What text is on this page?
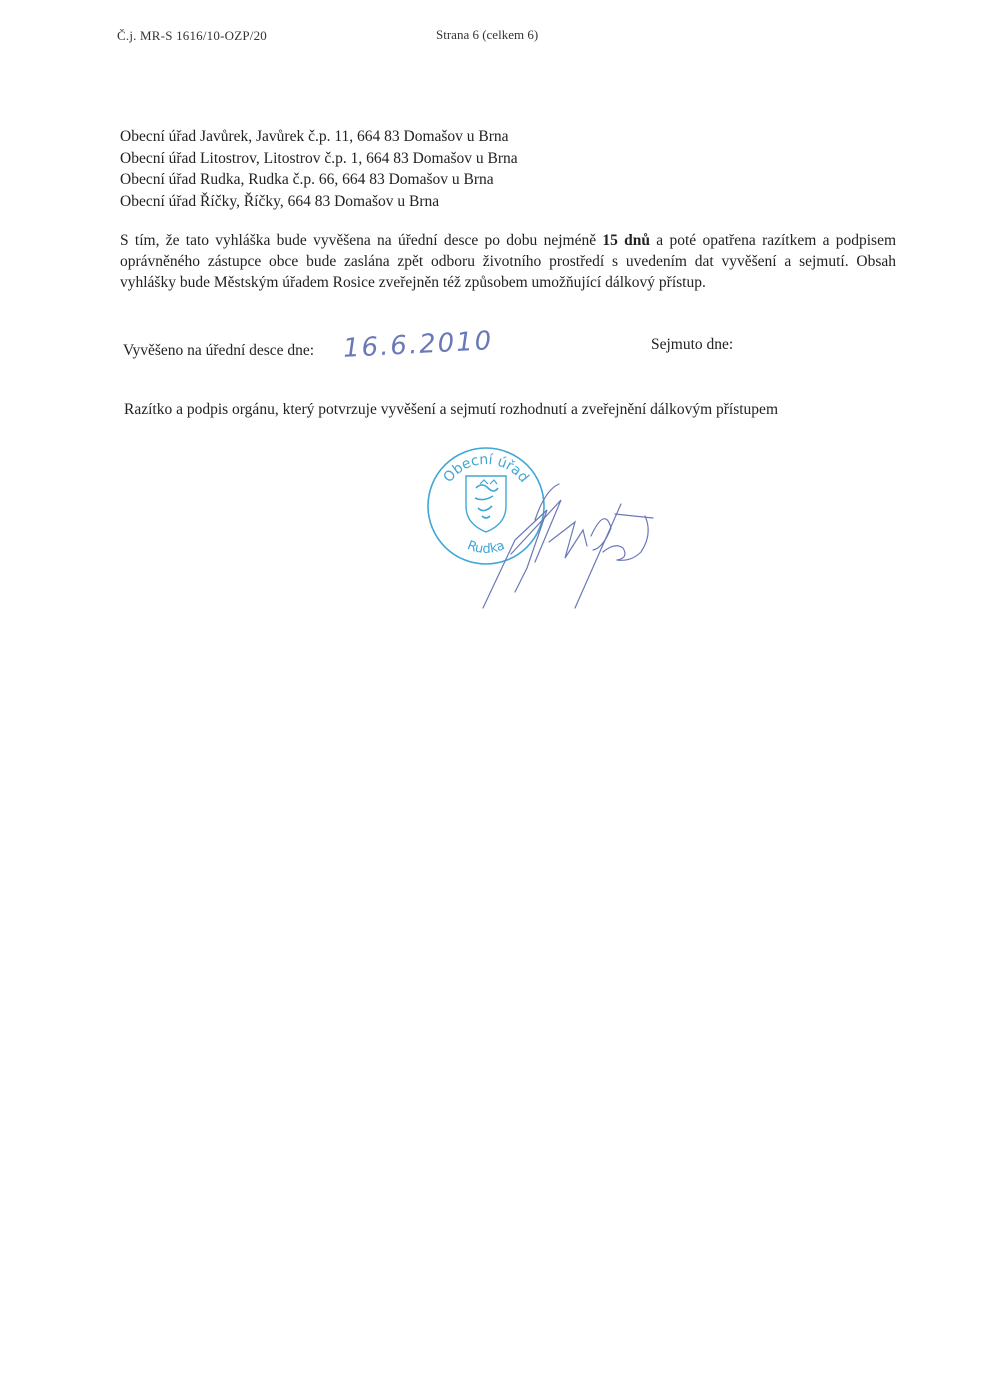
Č.j. MR-S 1616/10-OZP/20	Strana 6 (celkem 6)
Obecní úřad Javůrek, Javůrek č.p. 11, 664 83 Domašov u Brna
Obecní úřad Litostrov, Litostrov č.p. 1, 664 83 Domašov u Brna
Obecní úřad Rudka, Rudka č.p. 66, 664 83 Domašov u Brna
Obecní úřad Říčky, Říčky, 664 83 Domašov u Brna
S tím, že tato vyhláška bude vyvěšena na úřední desce po dobu nejméně 15 dnů a poté opatřena razítkem a podpisem oprávněného zástupce obce bude zaslána zpět odboru životního prostředí s uvedením dat vyvěšení a sejmutí. Obsah vyhlášky bude Městským úřadem Rosice zveřejněn též způsobem umožňující dálkový přístup.
Vyvěšeno na úřední desce dne: 16.6.2010	Sejmuto dne:
Razítko a podpis orgánu, který potvrzuje vyvěšení a sejmutí rozhodnutí a zveřejnění dálkovým přístupem
Obecní úřad
Rudka
